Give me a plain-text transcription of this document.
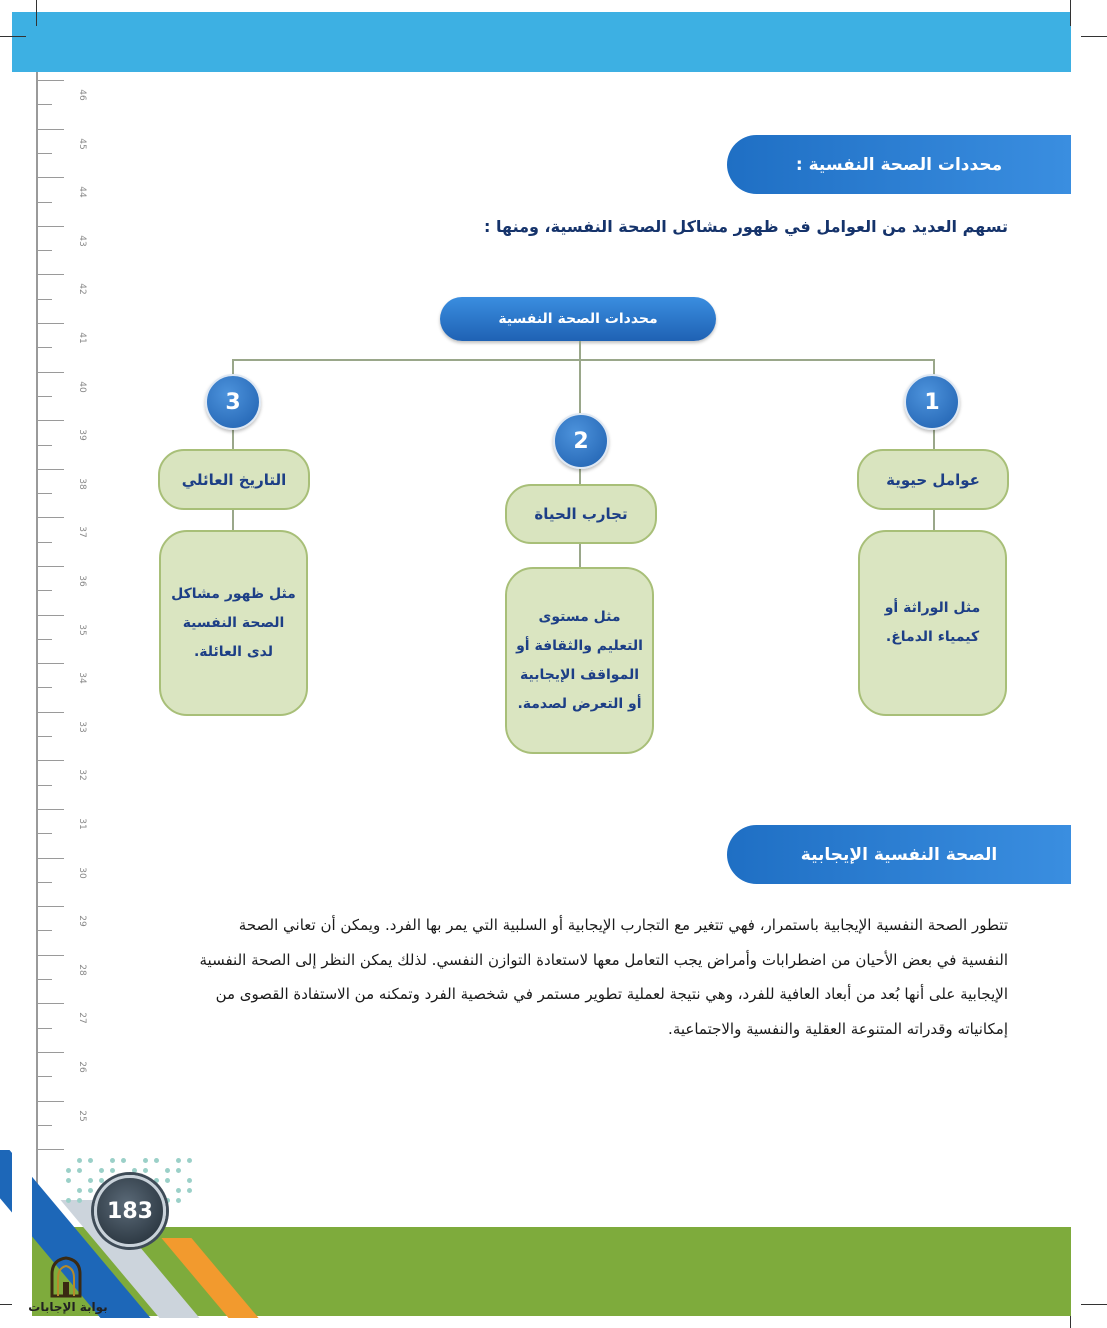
46
45
44
43
42
41
40
39
38
37
36
35
34
33
32
31
30
29
28
27
26
25
محددات الصحة النفسية :
تسهم العديد من العوامل في ظهور مشاكل الصحة النفسية، ومنها :
محددات الصحة النفسية
1
عوامل حيوية
مثل الوراثة أو كيمياء الدماغ.
2
تجارب الحياة
مثل مستوى التعليم والثقافة أو المواقف الإيجابية أو التعرض لصدمة.
3
التاريخ العائلي
مثل ظهور مشاكل الصحة النفسية لدى العائلة.
الصحة النفسية الإيجابية

تتطور الصحة النفسية الإيجابية باستمرار، فهي تتغير مع التجارب الإيجابية أو السلبية التي يمر بها الفرد. ويمكن أن تعاني الصحة

النفسية في بعض الأحيان من اضطرابات وأمراض يجب التعامل معها لاستعادة التوازن النفسي. لذلك يمكن النظر إلى الصحة النفسية

الإيجابية على أنها بُعد من أبعاد العافية للفرد، وهي نتيجة لعملية تطوير مستمر في شخصية الفرد وتمكنه من الاستفادة القصوى من

إمكانياته وقدراته المتنوعة العقلية والنفسية والاجتماعية.

183
بوابة الإجابات
